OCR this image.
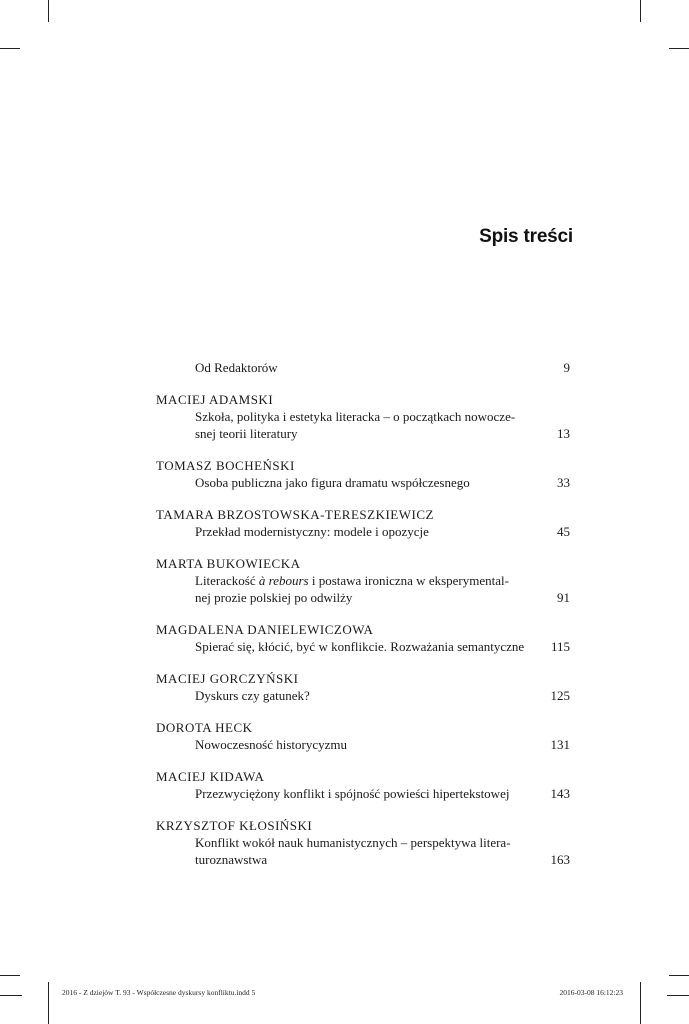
Spis treści
Od Redaktorów	9
MACIEJ ADAMSKI
Szkoła, polityka i estetyka literacka – o początkach nowocze-
snej teorii literatury	13
TOMASZ BOCHEŃSKI
Osoba publiczna jako figura dramatu współczesnego	33
TAMARA BRZOSTOWSKA-TERESZKIEWICZ
Przekład modernistyczny: modele i opozycje	45
MARTA BUKOWIECKA
Literackość à rebours i postawa ironiczna w eksperymental-
nej prozie polskiej po odwilży	91
MAGDALENA DANIELEWICZOWA
Spierać się, kłócić, być w konflikcie. Rozważania semantyczne 115
MACIEJ GORCZYŃSKI
Dyskurs czy gatunek?	125
DOROTA HECK
Nowoczesność historycyzmu	131
MACIEJ KIDAWA
Przezwyciężony konflikt i spójność powieści hipertekstowej	143
KRZYSZTOF KŁOSIŃSKI
Konflikt wokół nauk humanistycznych – perspektywa litera-
turoznawstwa	163
2016 - Z dziejów T. 93 - Współczesne dyskursy konfliktu.indd 5	2016-03-08 16:12:23
